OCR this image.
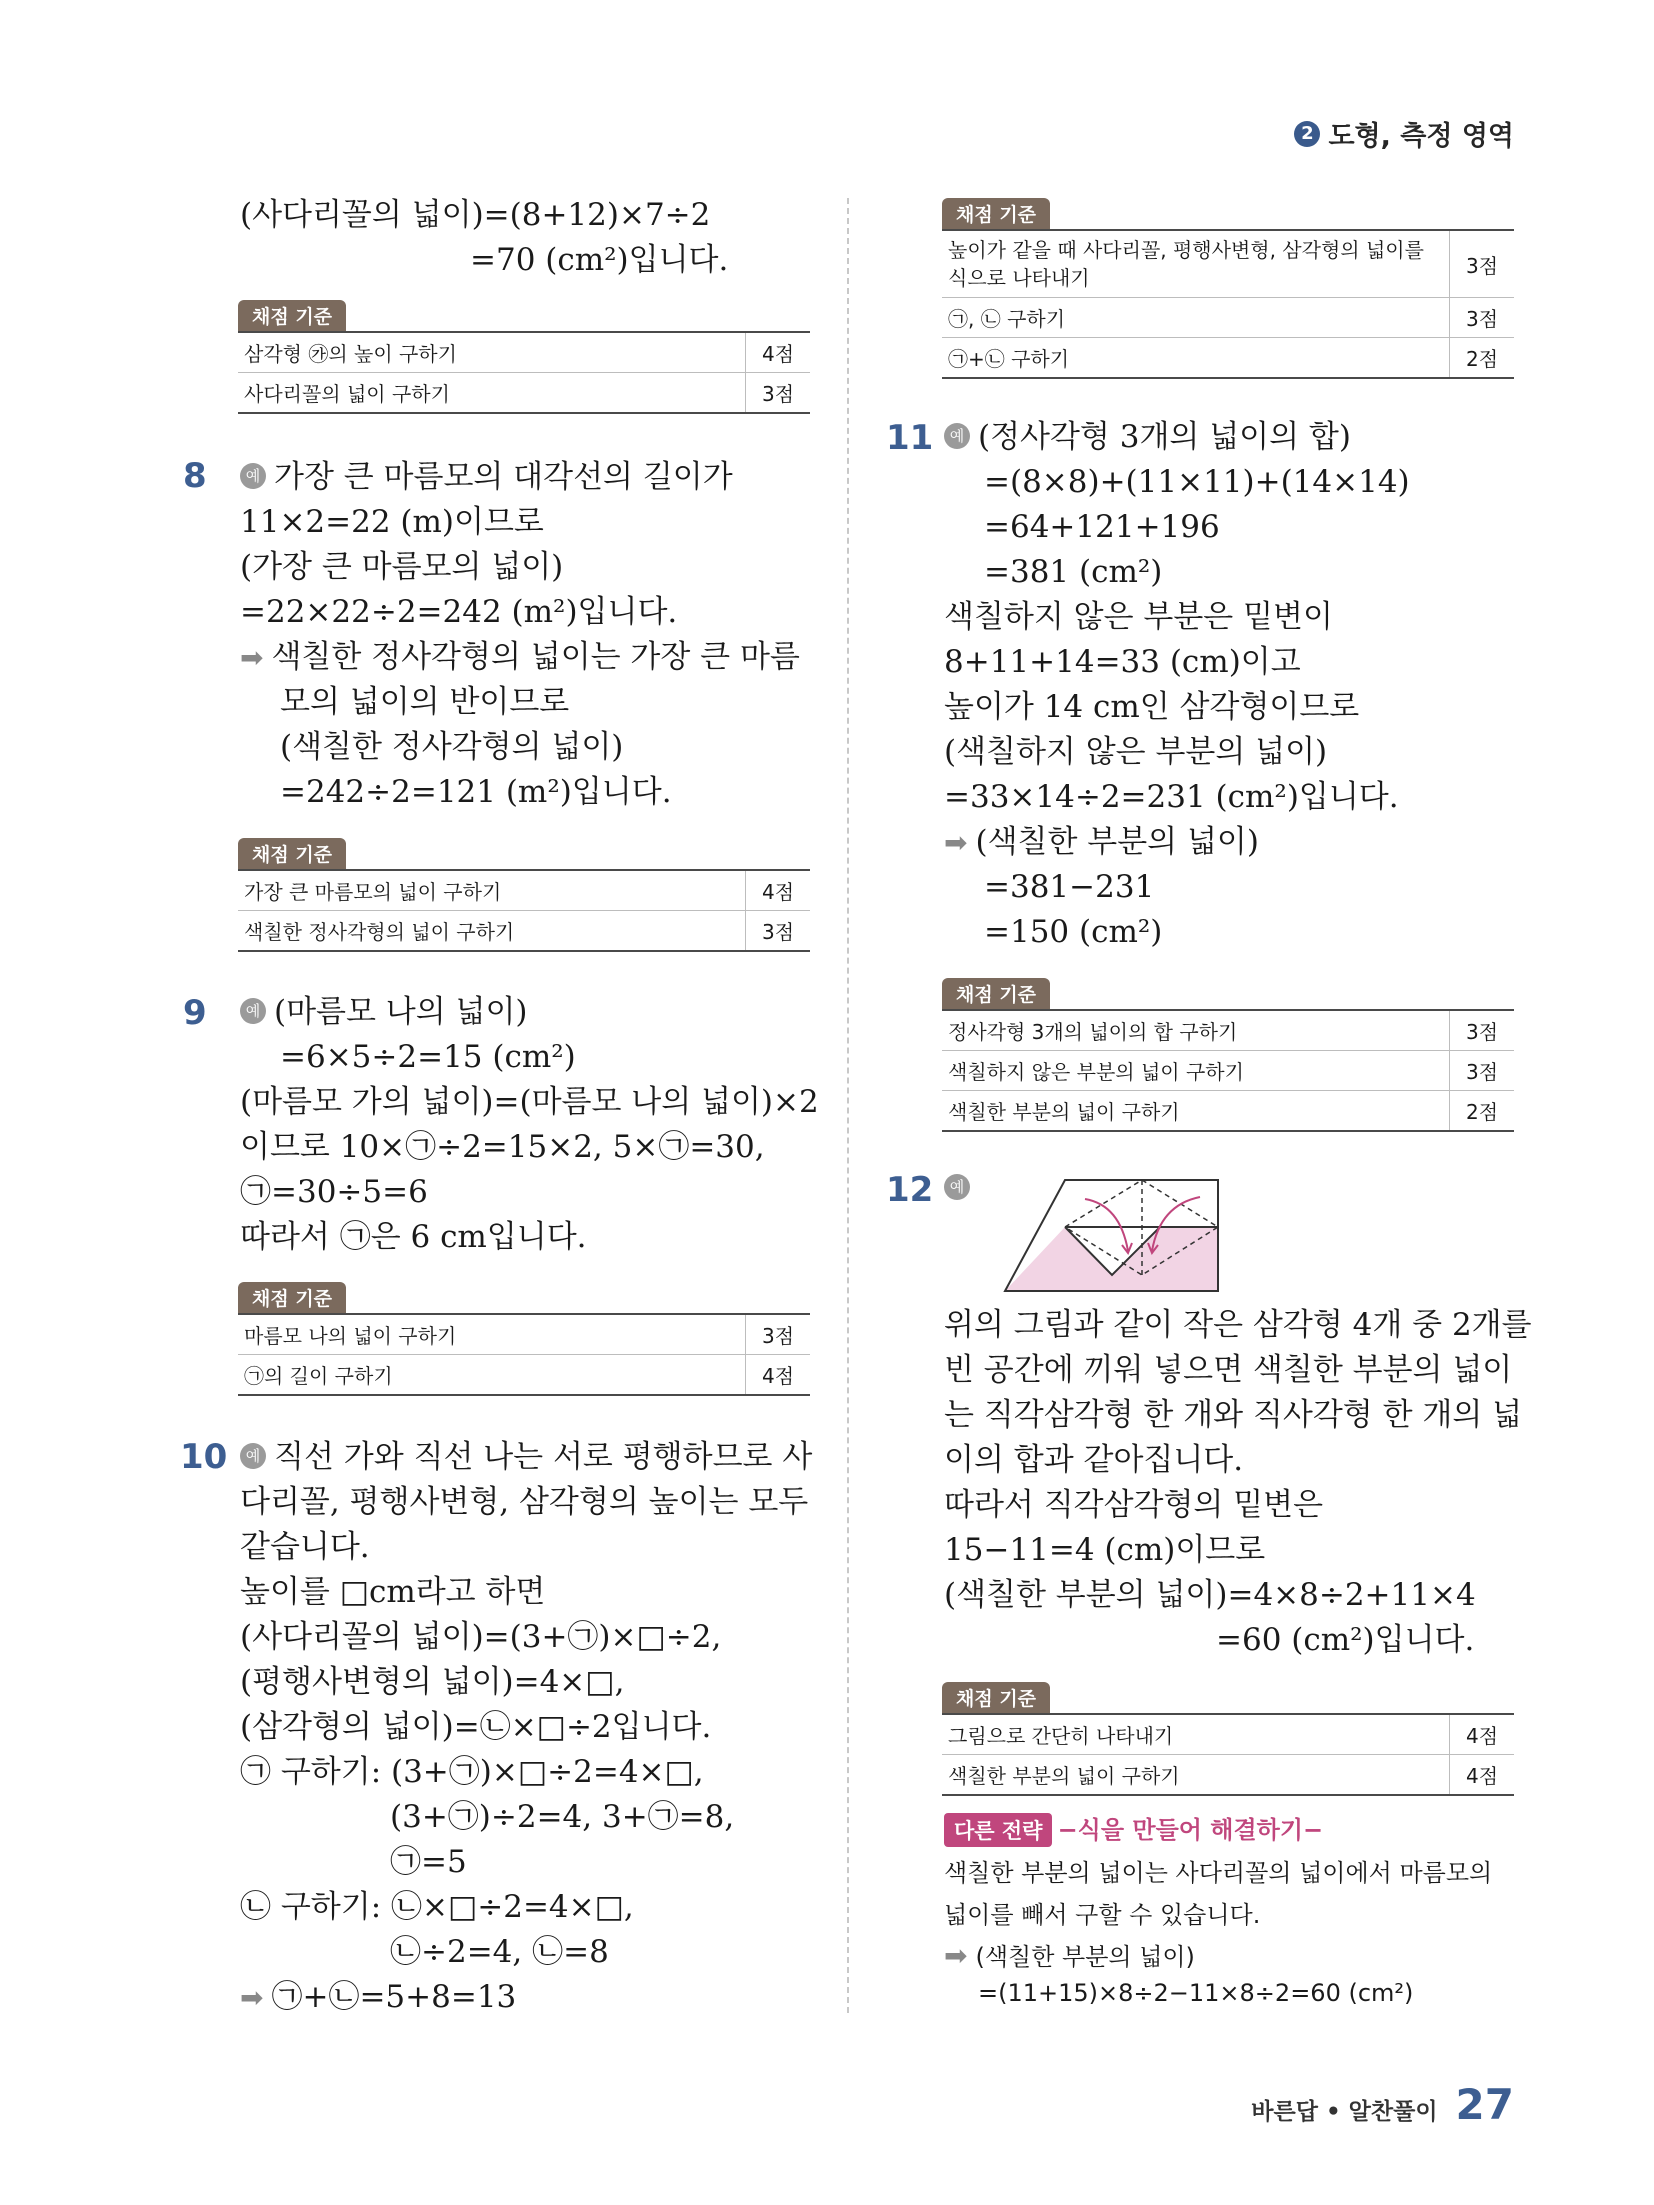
2 도형, 측정 영역
(사다리꼴의 넓이)=(8+12)×7÷2
=70 (cm²)입니다.
채점 기준
삼각형 ㉮의 높이 구하기	4점
사다리꼴의 넓이 구하기	3점
8	예 가장 큰 마름모의 대각선의 길이가
11×2=22 (m)이므로
(가장 큰 마름모의 넓이)
=22×22÷2=242 (m²)입니다.
➡ 색칠한 정사각형의 넓이는 가장 큰 마름
모의 넓이의 반이므로
(색칠한 정사각형의 넓이)
=242÷2=121 (m²)입니다.
채점 기준
가장 큰 마름모의 넓이 구하기	4점
색칠한 정사각형의 넓이 구하기	3점
9	예 (마름모 나의 넓이)
=6×5÷2=15 (cm²)
(마름모 가의 넓이)=(마름모 나의 넓이)×2
이므로 10×㉠÷2=15×2, 5×㉠=30,
㉠=30÷5=6
따라서 ㉠은 6 cm입니다.
채점 기준
마름모 나의 넓이 구하기	3점
㉠의 길이 구하기	4점
10	예 직선 가와 직선 나는 서로 평행하므로 사
다리꼴, 평행사변형, 삼각형의 높이는 모두
같습니다.
높이를 □cm라고 하면
(사다리꼴의 넓이)=(3+㉠)×□÷2,
(평행사변형의 넓이)=4×□,
(삼각형의 넓이)=㉡×□÷2입니다.
㉠ 구하기: (3+㉠)×□÷2=4×□,
(3+㉠)÷2=4, 3+㉠=8,
㉠=5
㉡ 구하기: ㉡×□÷2=4×□,
㉡÷2=4, ㉡=8
➡ ㉠+㉡=5+8=13
채점 기준
높이가 같을 때 사다리꼴, 평행사변형, 삼각형의 넓이를 식으로 나타내기	3점
㉠, ㉡ 구하기	3점
㉠+㉡ 구하기	2점
11	예 (정사각형 3개의 넓이의 합)
=(8×8)+(11×11)+(14×14)
=64+121+196
=381 (cm²)
색칠하지 않은 부분은 밑변이
8+11+14=33 (cm)이고
높이가 14 cm인 삼각형이므로
(색칠하지 않은 부분의 넓이)
=33×14÷2=231 (cm²)입니다.
➡ (색칠한 부분의 넓이)
=381−231
=150 (cm²)
채점 기준
정사각형 3개의 넓이의 합 구하기	3점
색칠하지 않은 부분의 넓이 구하기	3점
색칠한 부분의 넓이 구하기	2점
12	예
위의 그림과 같이 작은 삼각형 4개 중 2개를
빈 공간에 끼워 넣으면 색칠한 부분의 넓이
는 직각삼각형 한 개와 직사각형 한 개의 넓
이의 합과 같아집니다.
따라서 직각삼각형의 밑변은
15−11=4 (cm)이므로
(색칠한 부분의 넓이)=4×8÷2+11×4
=60 (cm²)입니다.
채점 기준
그림으로 간단히 나타내기	4점
색칠한 부분의 넓이 구하기	4점
다른 전략 −식을 만들어 해결하기−
색칠한 부분의 넓이는 사다리꼴의 넓이에서 마름모의
넓이를 빼서 구할 수 있습니다.
➡ (색칠한 부분의 넓이)
=(11+15)×8÷2−11×8÷2=60 (cm²)
바른답 • 알찬풀이 27
